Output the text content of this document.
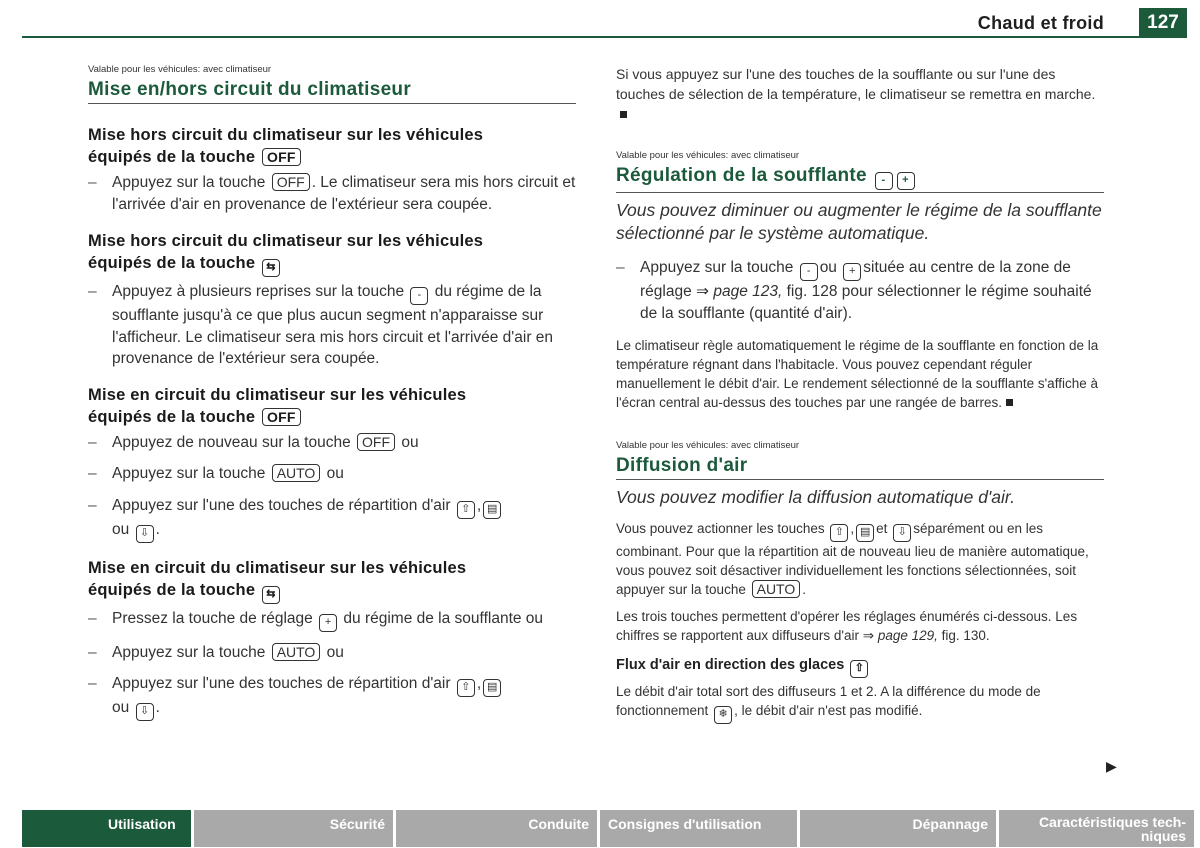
Chaud et froid	127

Valable pour les véhicules: avec climatiseur

Mise en/hors circuit du climatiseur

Mise hors circuit du climatiseur sur les véhicules
équipés de la touche OFF

– Appuyez sur la touche OFF . Le climatiseur sera mis hors circuit et l'arrivée d'air en provenance de l'extérieur sera coupée.

Mise hors circuit du climatiseur sur les véhicules
équipés de la touche ⇆

– Appuyez à plusieurs reprises sur la touche - du régime de la soufflante jusqu'à ce que plus aucun segment n'apparaisse sur l'afficheur. Le climatiseur sera mis hors circuit et l'arrivée d'air en provenance de l'extérieur sera coupée.

Mise en circuit du climatiseur sur les véhicules
équipés de la touche OFF

– Appuyez de nouveau sur la touche OFF ou

– Appuyez sur la touche AUTO ou

– Appuyez sur l'une des touches de répartition d'air ⇧ , ▤
ou ⇩ .

Mise en circuit du climatiseur sur les véhicules
équipés de la touche ⇆

– Pressez la touche de réglage + du régime de la soufflante ou

– Appuyez sur la touche AUTO ou

– Appuyez sur l'une des touches de répartition d'air ⇧ , ▤
ou ⇩ .

Si vous appuyez sur l'une des touches de la soufflante ou sur l'une des touches de sélection de la température, le climatiseur se remettra en marche.

Valable pour les véhicules: avec climatiseur

Régulation de la soufflante - +

Vous pouvez diminuer ou augmenter le régime de la soufflante sélectionné par le système automatique.

– Appuyez sur la touche - ou + située au centre de la zone de réglage ⇒ page 123, fig. 128 pour sélectionner le régime souhaité de la soufflante (quantité d'air).

Le climatiseur règle automatiquement le régime de la soufflante en fonction de la température régnant dans l'habitacle. Vous pouvez cependant réguler manuellement le débit d'air. Le rendement sélectionné de la soufflante s'affiche à l'écran central au-dessus des touches par une rangée de barres.

Valable pour les véhicules: avec climatiseur

Diffusion d'air

Vous pouvez modifier la diffusion automatique d'air.

Vous pouvez actionner les touches ⇧ , ▤ et ⇩ séparément ou en les combinant. Pour que la répartition ait de nouveau lieu de manière automatique, vous pouvez soit désactiver individuellement les fonctions sélectionnées, soit appuyer sur la touche AUTO .

Les trois touches permettent d'opérer les réglages énumérés ci-dessous. Les chiffres se rapportent aux diffuseurs d'air ⇒ page 129, fig. 130.

Flux d'air en direction des glaces ⇧

Le débit d'air total sort des diffuseurs 1 et 2. A la différence du mode de fonctionnement ❄ , le débit d'air n'est pas modifié.

▶
Utilisation	Sécurité	Conduite	Consignes d'utilisation	Dépannage	Caractéristiques tech-niques
